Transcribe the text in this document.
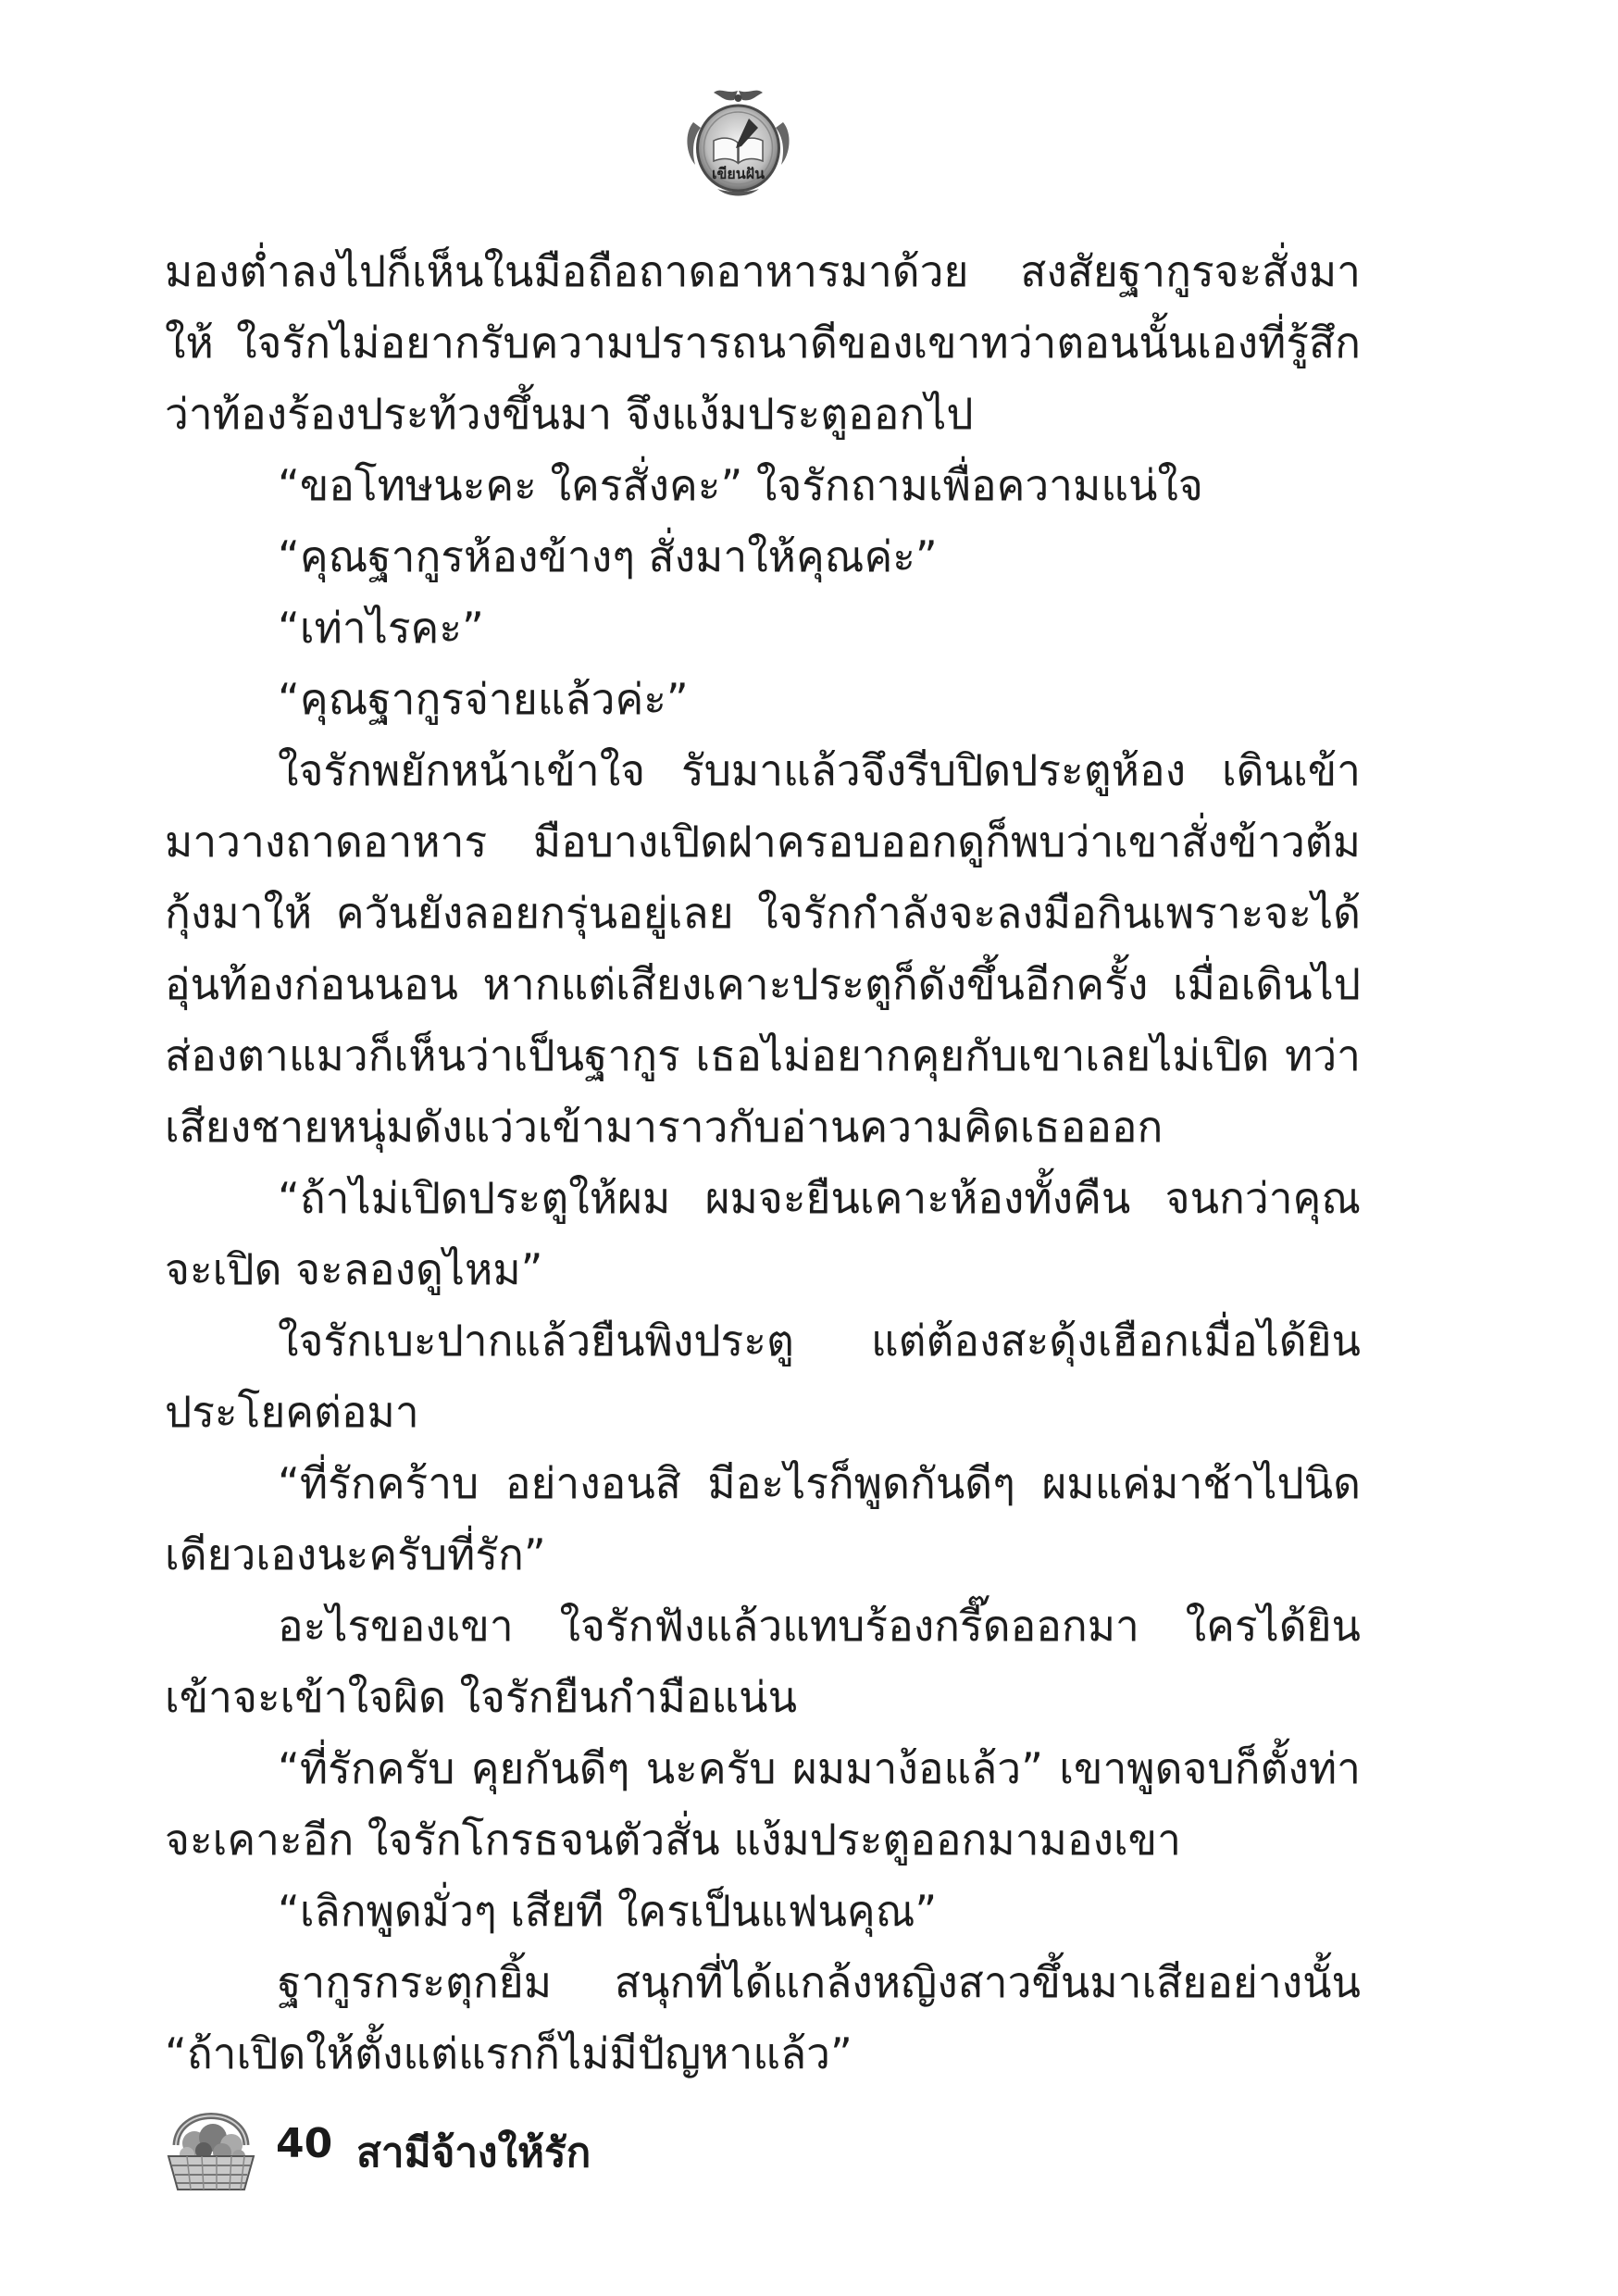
เขียนฝัน

มองต่ำลงไปก็เห็นในมือถือถาดอาหารมาด้วย สงสัยฐากูรจะสั่งมาให้ ใจรักไม่อยากรับความปรารถนาดีของเขาทว่าตอนนั้นเองที่รู้สึกว่าท้องร้องประท้วงขึ้นมา จึงแง้มประตูออกไป

“ขอโทษนะคะ ใครสั่งคะ” ใจรักถามเพื่อความแน่ใจ

“คุณฐากูรห้องข้างๆ สั่งมาให้คุณค่ะ”

“เท่าไรคะ”

“คุณฐากูรจ่ายแล้วค่ะ”

ใจรักพยักหน้าเข้าใจ รับมาแล้วจึงรีบปิดประตูห้อง เดินเข้ามาวางถาดอาหาร มือบางเปิดฝาครอบออกดูก็พบว่าเขาสั่งข้าวต้มกุ้งมาให้ ควันยังลอยกรุ่นอยู่เลย ใจรักกำลังจะลงมือกินเพราะจะได้อุ่นท้องก่อนนอน หากแต่เสียงเคาะประตูก็ดังขึ้นอีกครั้ง เมื่อเดินไปส่องตาแมวก็เห็นว่าเป็นฐากูร เธอไม่อยากคุยกับเขาเลยไม่เปิด ทว่าเสียงชายหนุ่มดังแว่วเข้ามาราวกับอ่านความคิดเธอออก

“ถ้าไม่เปิดประตูให้ผม ผมจะยืนเคาะห้องทั้งคืน จนกว่าคุณจะเปิด จะลองดูไหม”

ใจรักเบะปากแล้วยืนพิงประตู แต่ต้องสะดุ้งเฮือกเมื่อได้ยินประโยคต่อมา

“ที่รักคร้าบ อย่างอนสิ มีอะไรก็พูดกันดีๆ ผมแค่มาช้าไปนิดเดียวเองนะครับที่รัก”

อะไรของเขา ใจรักฟังแล้วแทบร้องกรี๊ดออกมา ใครได้ยินเข้าจะเข้าใจผิด ใจรักยืนกำมือแน่น

“ที่รักครับ คุยกันดีๆ นะครับ ผมมาง้อแล้ว” เขาพูดจบก็ตั้งท่าจะเคาะอีก ใจรักโกรธจนตัวสั่น แง้มประตูออกมามองเขา

“เลิกพูดมั่วๆ เสียที ใครเป็นแฟนคุณ”

ฐากูรกระตุกยิ้ม สนุกที่ได้แกล้งหญิงสาวขึ้นมาเสียอย่างนั้น “ถ้าเปิดให้ตั้งแต่แรกก็ไม่มีปัญหาแล้ว”

40 สามีจ้างให้รัก
